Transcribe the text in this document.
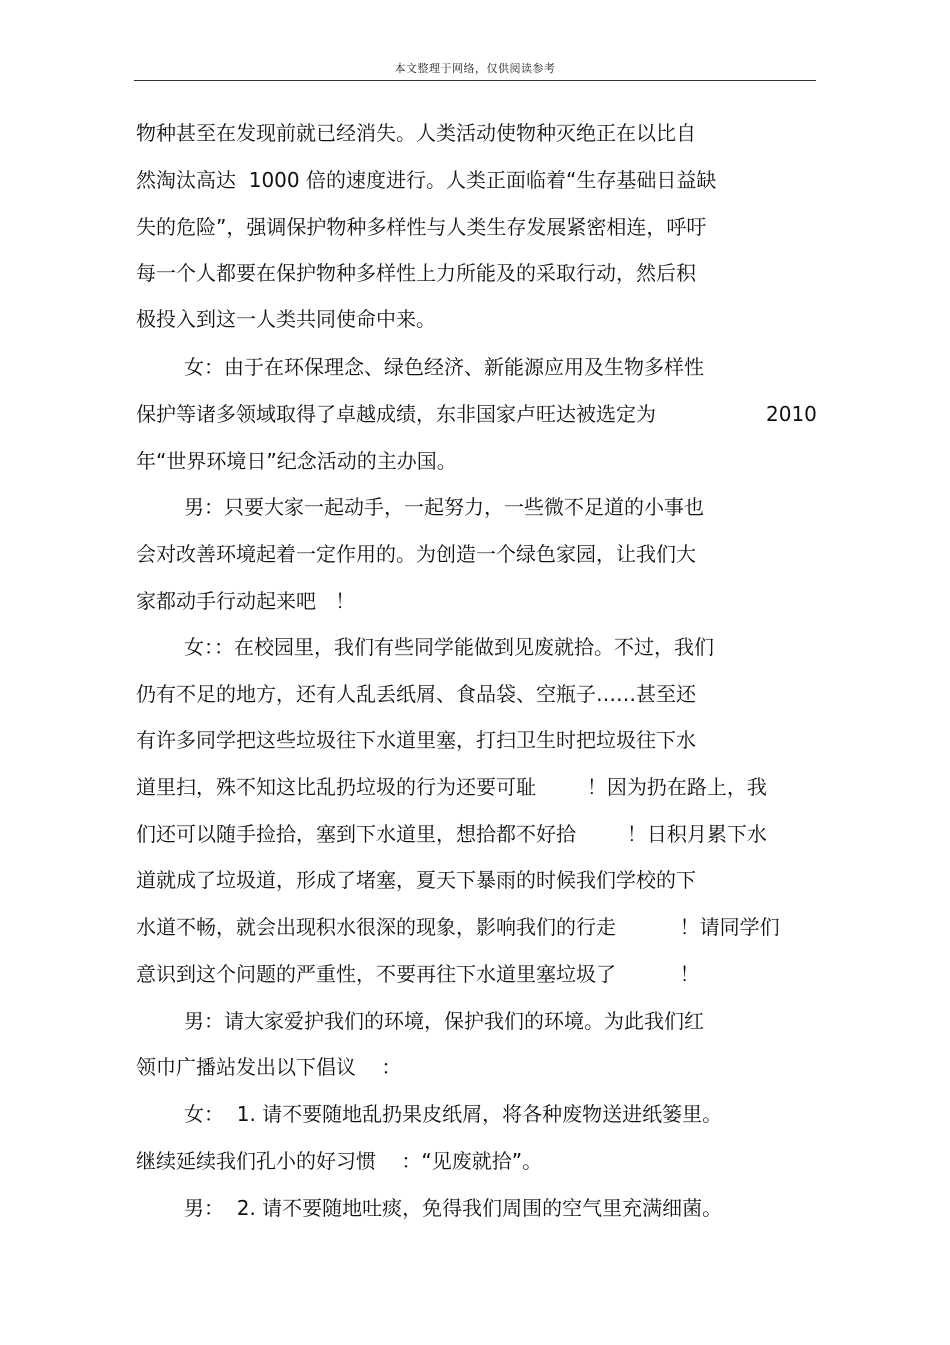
本文整理于网络，仅供阅读参考
物种甚至在发现前就已经消失。人类活动使物种灭绝正在以比自
然淘汰高达  1000 倍的速度进行。人类正面临着“生存基础日益缺
失的危险”，强调保护物种多样性与人类生存发展紧密相连，呼吁
每一个人都要在保护物种多样性上力所能及的采取行动，然后积
极投入到这一人类共同使命中来。
女：由于在环保理念、绿色经济、新能源应用及生物多样性
保护等诸多领域取得了卓越成绩，东非国家卢旺达被选定为	2010
年“世界环境日”纪念活动的主办国。
男：只要大家一起动手，一起努力，一些微不足道的小事也
会对改善环境起着一定作用的。为创造一个绿色家园，让我们大
家都动手行动起来吧   ！
女：：在校园里，我们有些同学能做到见废就拾。不过，我们
仍有不足的地方，还有人乱丢纸屑、食品袋、空瓶子……甚至还
有许多同学把这些垃圾往下水道里塞，打扫卫生时把垃圾往下水
道里扫，殊不知这比乱扔垃圾的行为还要可耻        ！因为扔在路上，我
们还可以随手捡拾，塞到下水道里，想拾都不好拾        ！日积月累下水
道就成了垃圾道，形成了堵塞，夏天下暴雨的时候我们学校的下
水道不畅，就会出现积水很深的现象，影响我们的行走          ！请同学们
意识到这个问题的严重性，不要再往下水道里塞垃圾了          ！
男：请大家爱护我们的环境，保护我们的环境。为此我们红
领巾广播站发出以下倡议    ：
女：  1. 请不要随地乱扔果皮纸屑，将各种废物送进纸篓里。
继续延续我们孔小的好习惯    ：“见废就拾”。
男：  2. 请不要随地吐痰，免得我们周围的空气里充满细菌。
